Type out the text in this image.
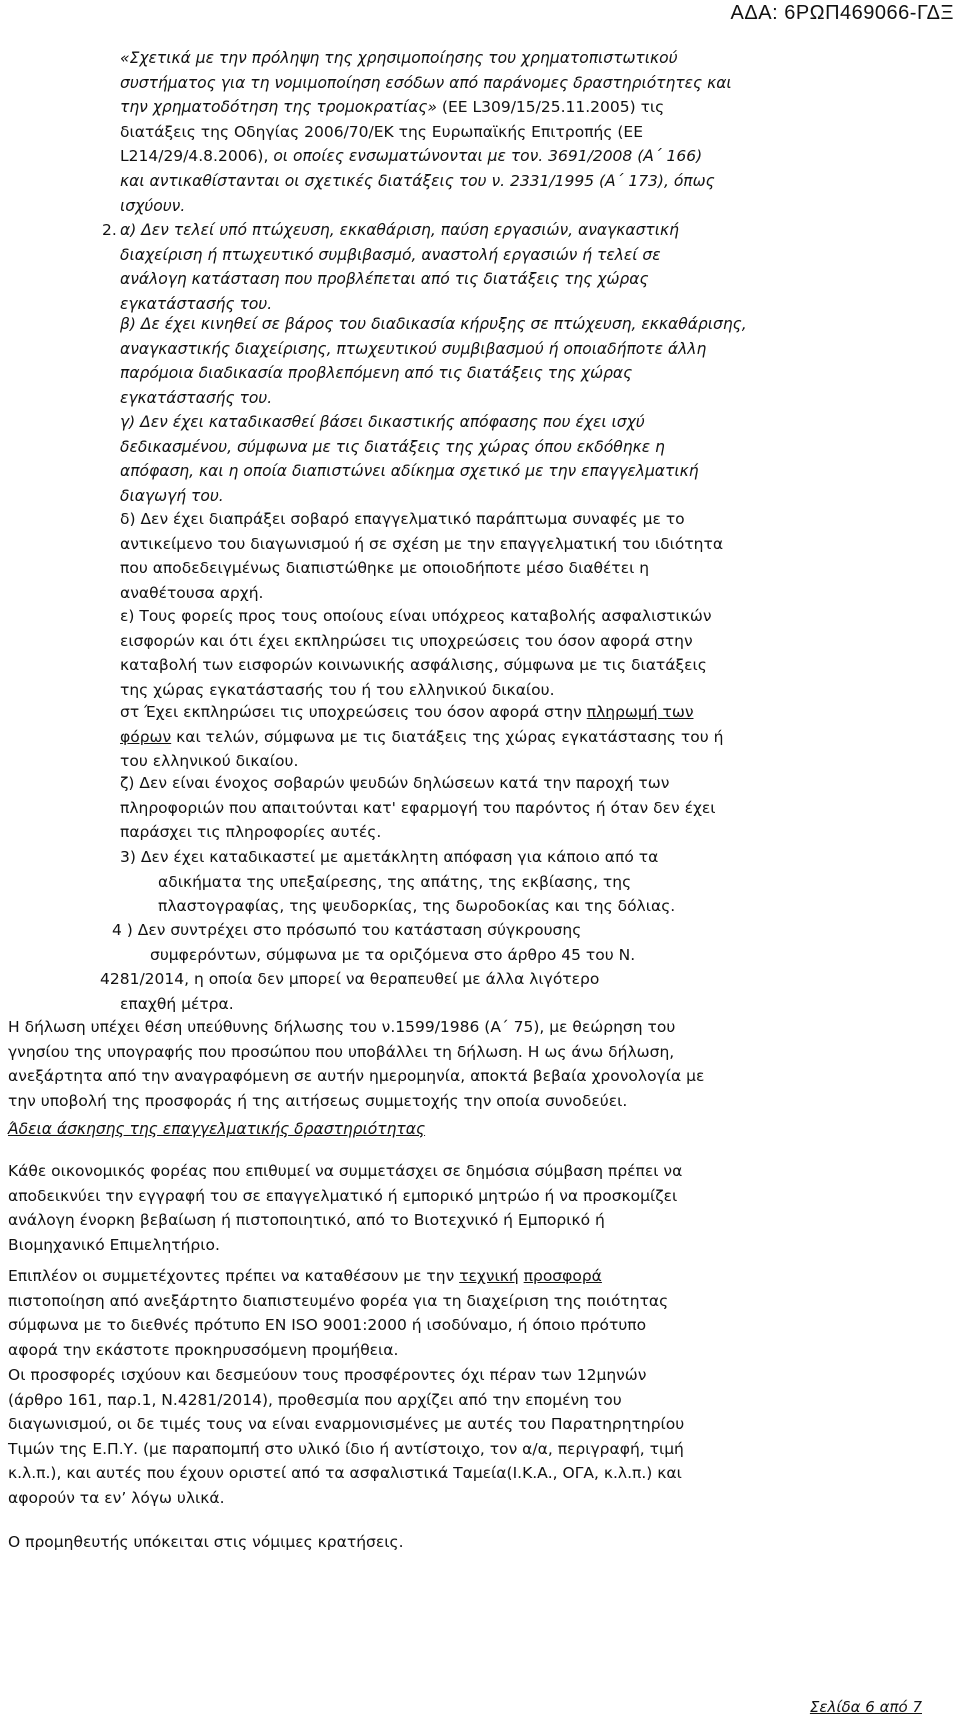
ΑΔΑ: 6ΡΩΠ469066-ΓΔΞ
«Σχετικά με την πρόληψη της χρησιμοποίησης του χρηματοπιστωτικού
συστήματος για τη νομιμοποίηση εσόδων από παράνομες δραστηριότητες και
την χρηματοδότηση της τρομοκρατίας» (ΕΕ L309/15/25.11.2005) τις
διατάξεις της Οδηγίας 2006/70/ΕΚ της Ευρωπαϊκής Επιτροπής (ΕΕ
L214/29/4.8.2006), οι οποίες ενσωματώνονται με τον. 3691/2008 (Α΄ 166)
και αντικαθίστανται οι σχετικές διατάξεις του ν. 2331/1995 (Α΄ 173), όπως
ισχύουν.
2. α) Δεν τελεί υπό πτώχευση, εκκαθάριση, παύση εργασιών, αναγκαστική
διαχείριση ή πτωχευτικό συμβιβασμό, αναστολή εργασιών ή τελεί σε
ανάλογη κατάσταση που προβλέπεται από τις διατάξεις της χώρας
εγκατάστασής του.
β) Δε έχει κινηθεί σε βάρος του διαδικασία κήρυξης σε πτώχευση, εκκαθάρισης,
αναγκαστικής διαχείρισης, πτωχευτικού συμβιβασμού ή οποιαδήποτε άλλη
παρόμοια διαδικασία προβλεπόμενη από τις διατάξεις της χώρας
εγκατάστασής του.
γ) Δεν έχει καταδικασθεί βάσει δικαστικής απόφασης που έχει ισχύ
δεδικασμένου, σύμφωνα με τις διατάξεις της χώρας όπου εκδόθηκε η
απόφαση, και η οποία διαπιστώνει αδίκημα σχετικό με την επαγγελματική
διαγωγή του.
δ) Δεν έχει διαπράξει σοβαρό επαγγελματικό παράπτωμα συναφές με το
αντικείμενο του διαγωνισμού ή σε σχέση με την επαγγελματική του ιδιότητα
που αποδεδειγμένως διαπιστώθηκε με οποιοδήποτε μέσο διαθέτει η
αναθέτουσα αρχή.
ε) Τους φορείς προς τους οποίους είναι υπόχρεος καταβολής ασφαλιστικών
εισφορών και ότι έχει εκπληρώσει τις υποχρεώσεις του όσον αφορά στην
καταβολή των εισφορών κοινωνικής ασφάλισης, σύμφωνα με τις διατάξεις
της χώρας εγκατάστασής του ή του ελληνικού δικαίου.
στ Έχει εκπληρώσει τις υποχρεώσεις του όσον αφορά στην πληρωμή των
φόρων και τελών, σύμφωνα με τις διατάξεις της χώρας εγκατάστασης του ή
του ελληνικού δικαίου.
ζ) Δεν είναι ένοχος σοβαρών ψευδών δηλώσεων κατά την παροχή των
πληροφοριών που απαιτούνται κατ' εφαρμογή του παρόντος ή όταν δεν έχει
παράσχει τις πληροφορίες αυτές.
3) Δεν έχει καταδικαστεί με αμετάκλητη απόφαση για κάποιο από τα
αδικήματα της υπεξαίρεσης, της απάτης, της εκβίασης, της
πλαστογραφίας, της ψευδορκίας, της δωροδοκίας και της δόλιας.
4 ) Δεν συντρέχει στο πρόσωπό του κατάσταση σύγκρουσης
συμφερόντων, σύμφωνα με τα οριζόμενα στο άρθρο 45 του Ν.
4281/2014, η οποία δεν μπορεί να θεραπευθεί με άλλα λιγότερο
επαχθή μέτρα.
Η δήλωση υπέχει θέση υπεύθυνης δήλωσης του ν.1599/1986 (Α΄ 75), με θεώρηση του
γνησίου της υπογραφής που προσώπου που υποβάλλει τη δήλωση. Η ως άνω δήλωση,
ανεξάρτητα από την αναγραφόμενη σε αυτήν ημερομηνία, αποκτά βεβαία χρονολογία με
την υποβολή της προσφοράς ή της αιτήσεως συμμετοχής την οποία συνοδεύει.
Άδεια άσκησης της επαγγελματικής δραστηριότητας
Κάθε οικονομικός φορέας που επιθυμεί να συμμετάσχει σε δημόσια σύμβαση πρέπει να
αποδεικνύει την εγγραφή του σε επαγγελματικό ή εμπορικό μητρώο ή να προσκομίζει
ανάλογη ένορκη βεβαίωση ή πιστοποιητικό, από το Βιοτεχνικό ή Εμπορικό ή
Βιομηχανικό Επιμελητήριο.
Επιπλέον οι συμμετέχοντες πρέπει να καταθέσουν με την τεχνική προσφορά
πιστοποίηση από ανεξάρτητο διαπιστευμένο φορέα για τη διαχείριση της ποιότητας
σύμφωνα με το διεθνές πρότυπο EN ISO 9001:2000 ή ισοδύναμο, ή όποιο πρότυπο
αφορά την εκάστοτε προκηρυσσόμενη προμήθεια.
Οι προσφορές ισχύουν και δεσμεύουν τους προσφέροντες όχι πέραν των 12μηνών
(άρθρο 161, παρ.1, Ν.4281/2014), προθεσμία που αρχίζει από την επομένη του
διαγωνισμού, οι δε τιμές τους να είναι εναρμονισμένες με αυτές του Παρατηρητηρίου
Τιμών της Ε.Π.Υ. (με παραπομπή στο υλικό ίδιο ή αντίστοιχο, τον α/α, περιγραφή, τιμή
κ.λ.π.), και αυτές που έχουν οριστεί από τα ασφαλιστικά Ταμεία(Ι.Κ.Α., ΟΓΑ, κ.λ.π.) και
αφορούν τα εν’ λόγω υλικά.
Ο προμηθευτής υπόκειται στις νόμιμες κρατήσεις.
Σελίδα 6 από 7
